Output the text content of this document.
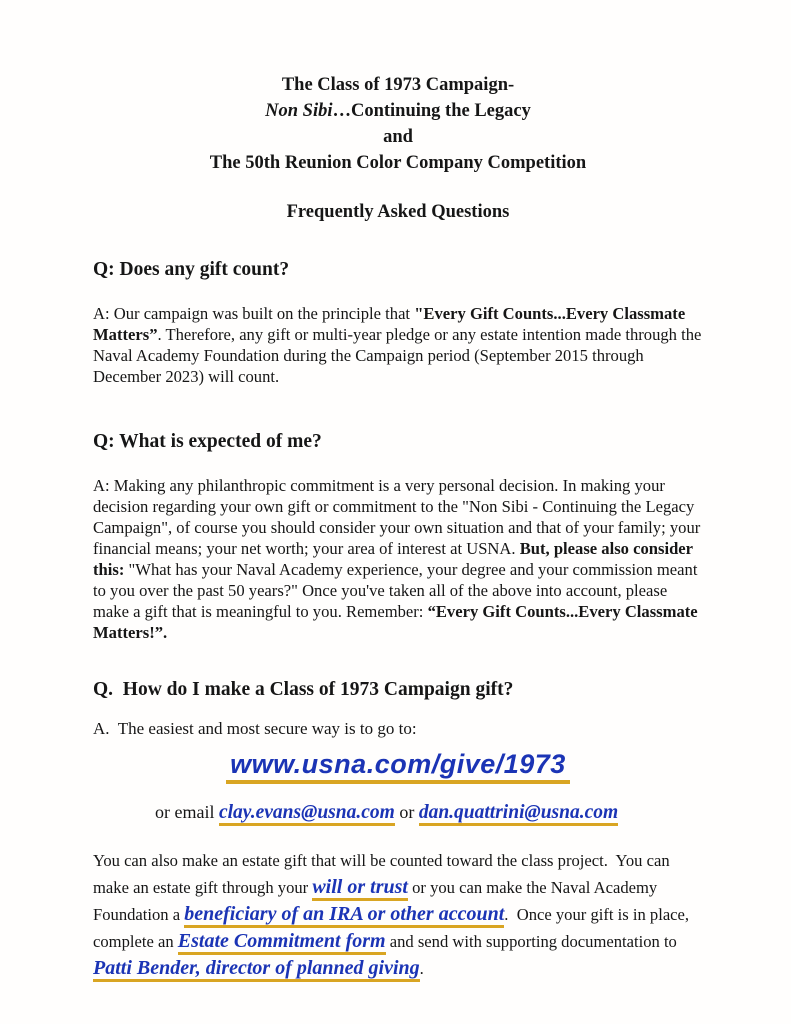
The Class of 1973 Campaign-
Non Sibi…Continuing the Legacy
and
The 50th Reunion Color Company Competition
Frequently Asked Questions
Q: Does any gift count?

A: Our campaign was built on the principle that "Every Gift Counts...Every Classmate Matters”. Therefore, any gift or multi-year pledge or any estate intention made through the Naval Academy Foundation during the Campaign period (September 2015 through December 2023) will count.

Q: What is expected of me?

A: Making any philanthropic commitment is a very personal decision. In making your decision regarding your own gift or commitment to the "Non Sibi - Continuing the Legacy Campaign", of course you should consider your own situation and that of your family; your financial means; your net worth; your area of interest at USNA. But, please also consider this: "What has your Naval Academy experience, your degree and your commission meant to you over the past 50 years?" Once you've taken all of the above into account, please make a gift that is meaningful to you. Remember: “Every Gift Counts...Every Classmate Matters!”.

Q.  How do I make a Class of 1973 Campaign gift?

A.  The easiest and most secure way is to go to:

www.usna.com/give/1973
or email clay.evans@usna.com or dan.quattrini@usna.com

You can also make an estate gift that will be counted toward the class project.  You can make an estate gift through your will or trust or you can make the Naval Academy Foundation a beneficiary of an IRA or other account.  Once your gift is in place, complete an Estate Commitment form and send with supporting documentation to Patti Bender, director of planned giving.
